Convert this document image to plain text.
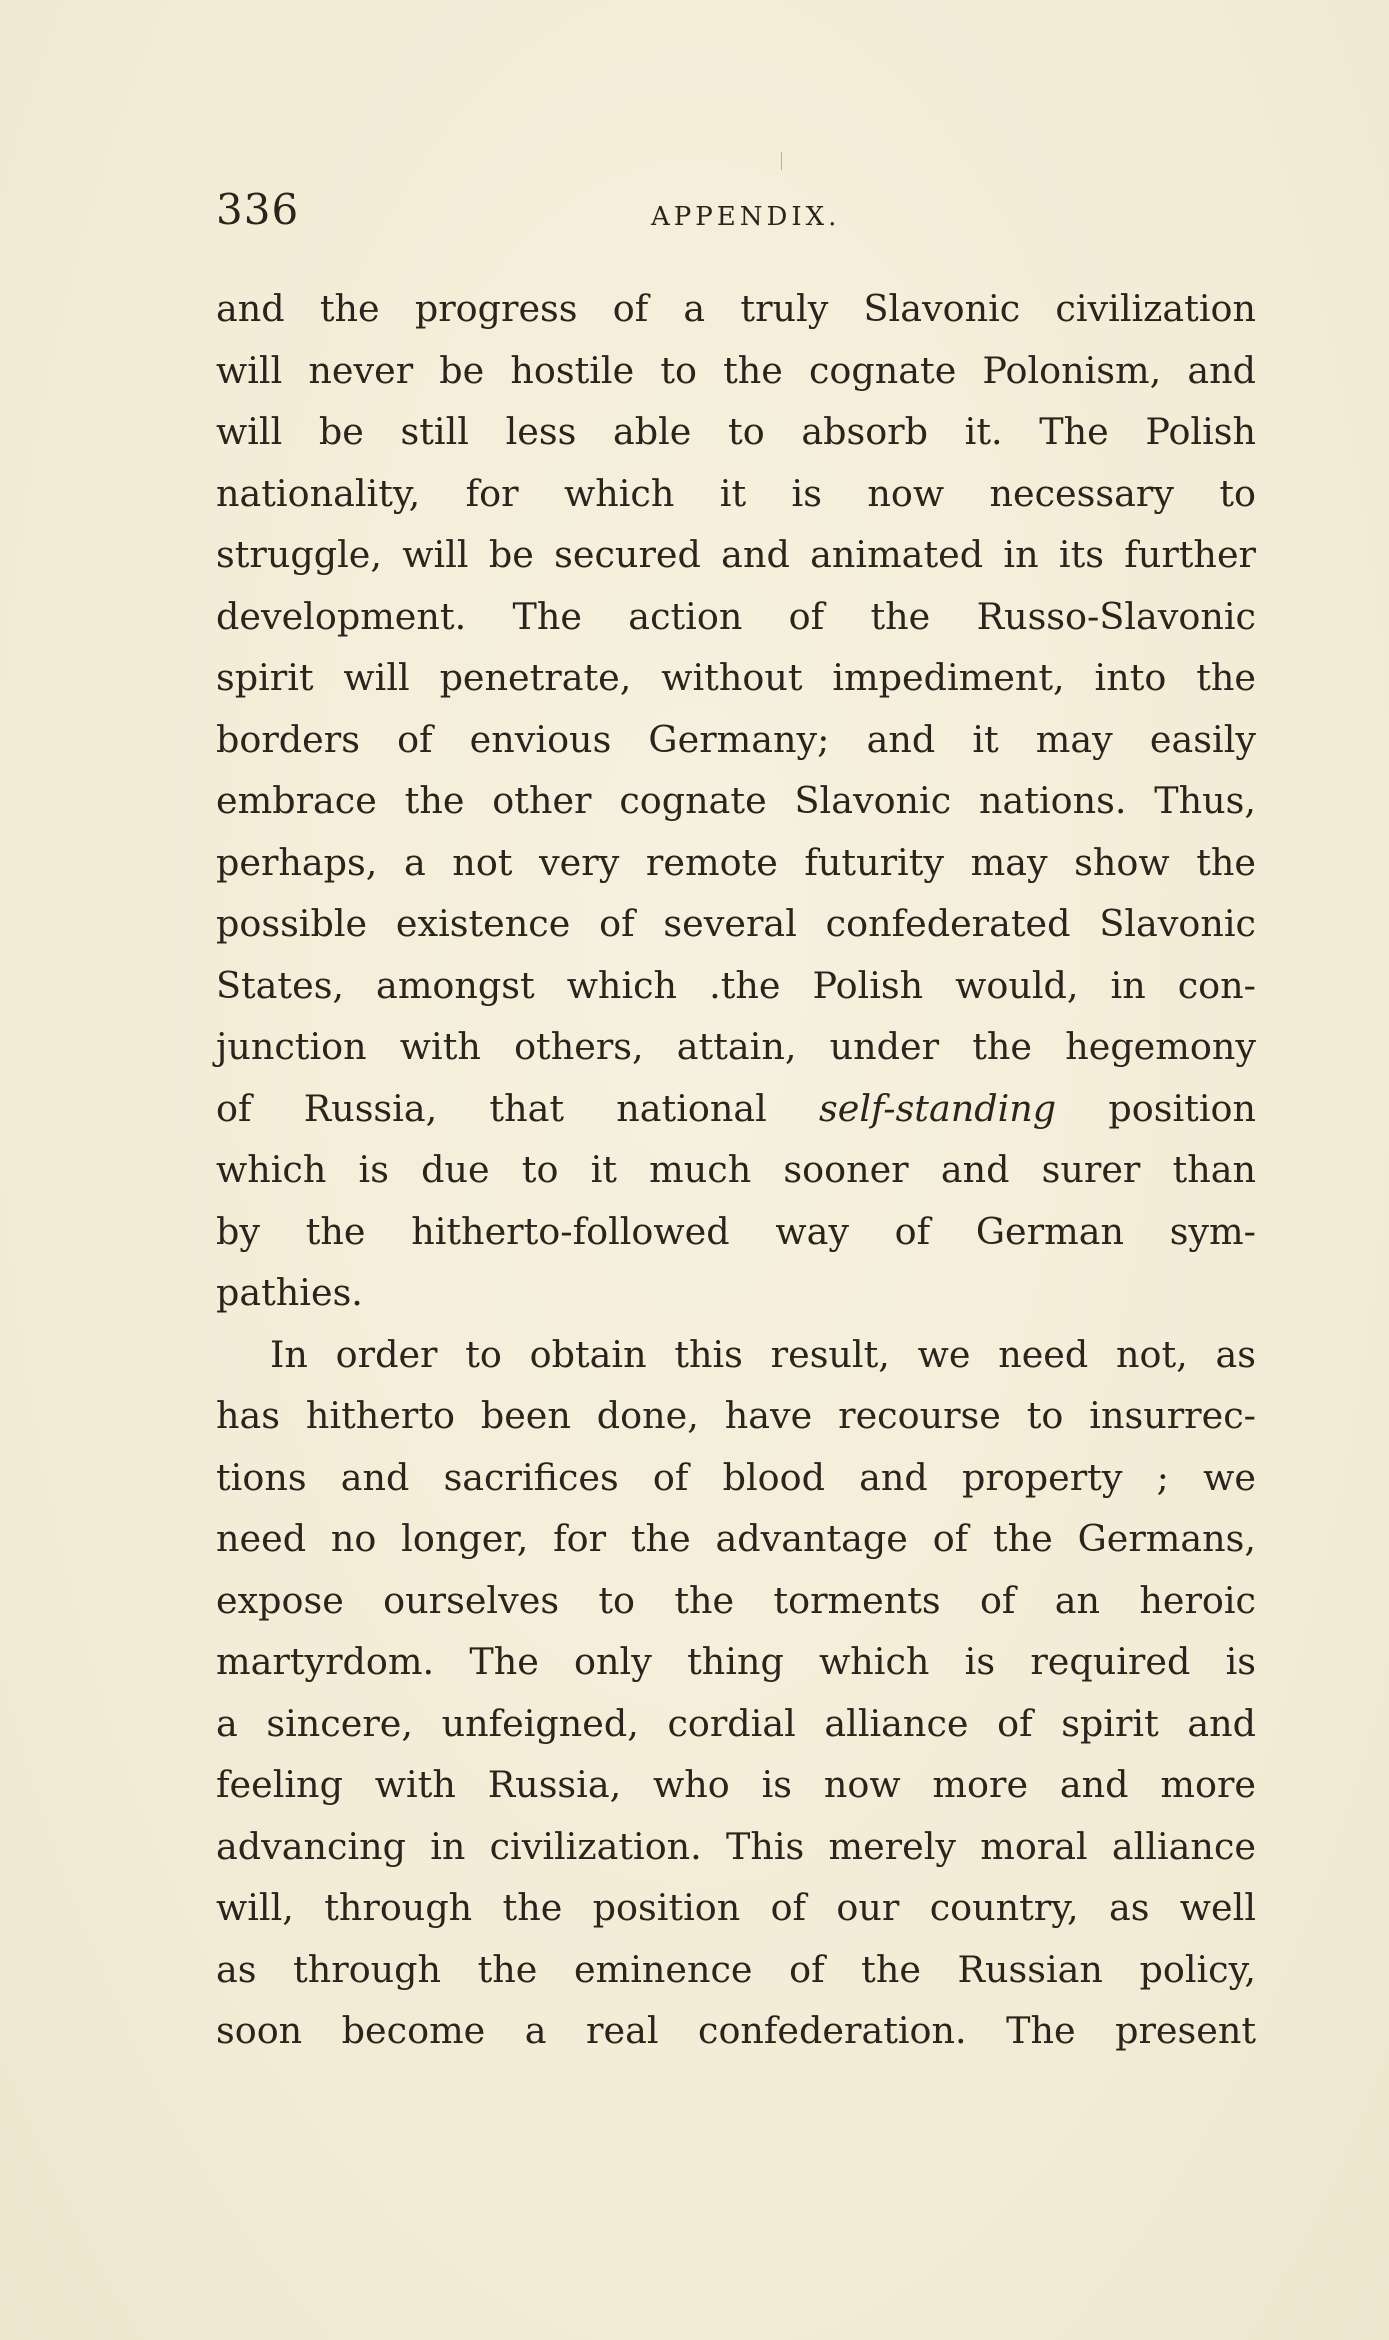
336	APPENDIX.
and the progress of a truly Slavonic civilization
will never be hostile to the cognate Polonism, and
will be still less able to absorb it. The Polish
nationality, for which it is now necessary to
struggle, will be secured and animated in its further
development. The action of the Russo-Slavonic
spirit will penetrate, without impediment, into the
borders of envious Germany; and it may easily
embrace the other cognate Slavonic nations. Thus,
perhaps, a not very remote futurity may show the
possible existence of several confederated Slavonic
States, amongst which .the Polish would, in con-
junction with others, attain, under the hegemony
of Russia, that national self-standing position
which is due to it much sooner and surer than
by the hitherto-followed way of German sym-
pathies.
In order to obtain this result, we need not, as
has hitherto been done, have recourse to insurrec-
tions and sacrifices of blood and property ; we
need no longer, for the advantage of the Germans,
expose ourselves to the torments of an heroic
martyrdom. The only thing which is required is
a sincere, unfeigned, cordial alliance of spirit and
feeling with Russia, who is now more and more
advancing in civilization. This merely moral alliance
will, through the position of our country, as well
as through the eminence of the Russian policy,
soon become a real confederation. The present
